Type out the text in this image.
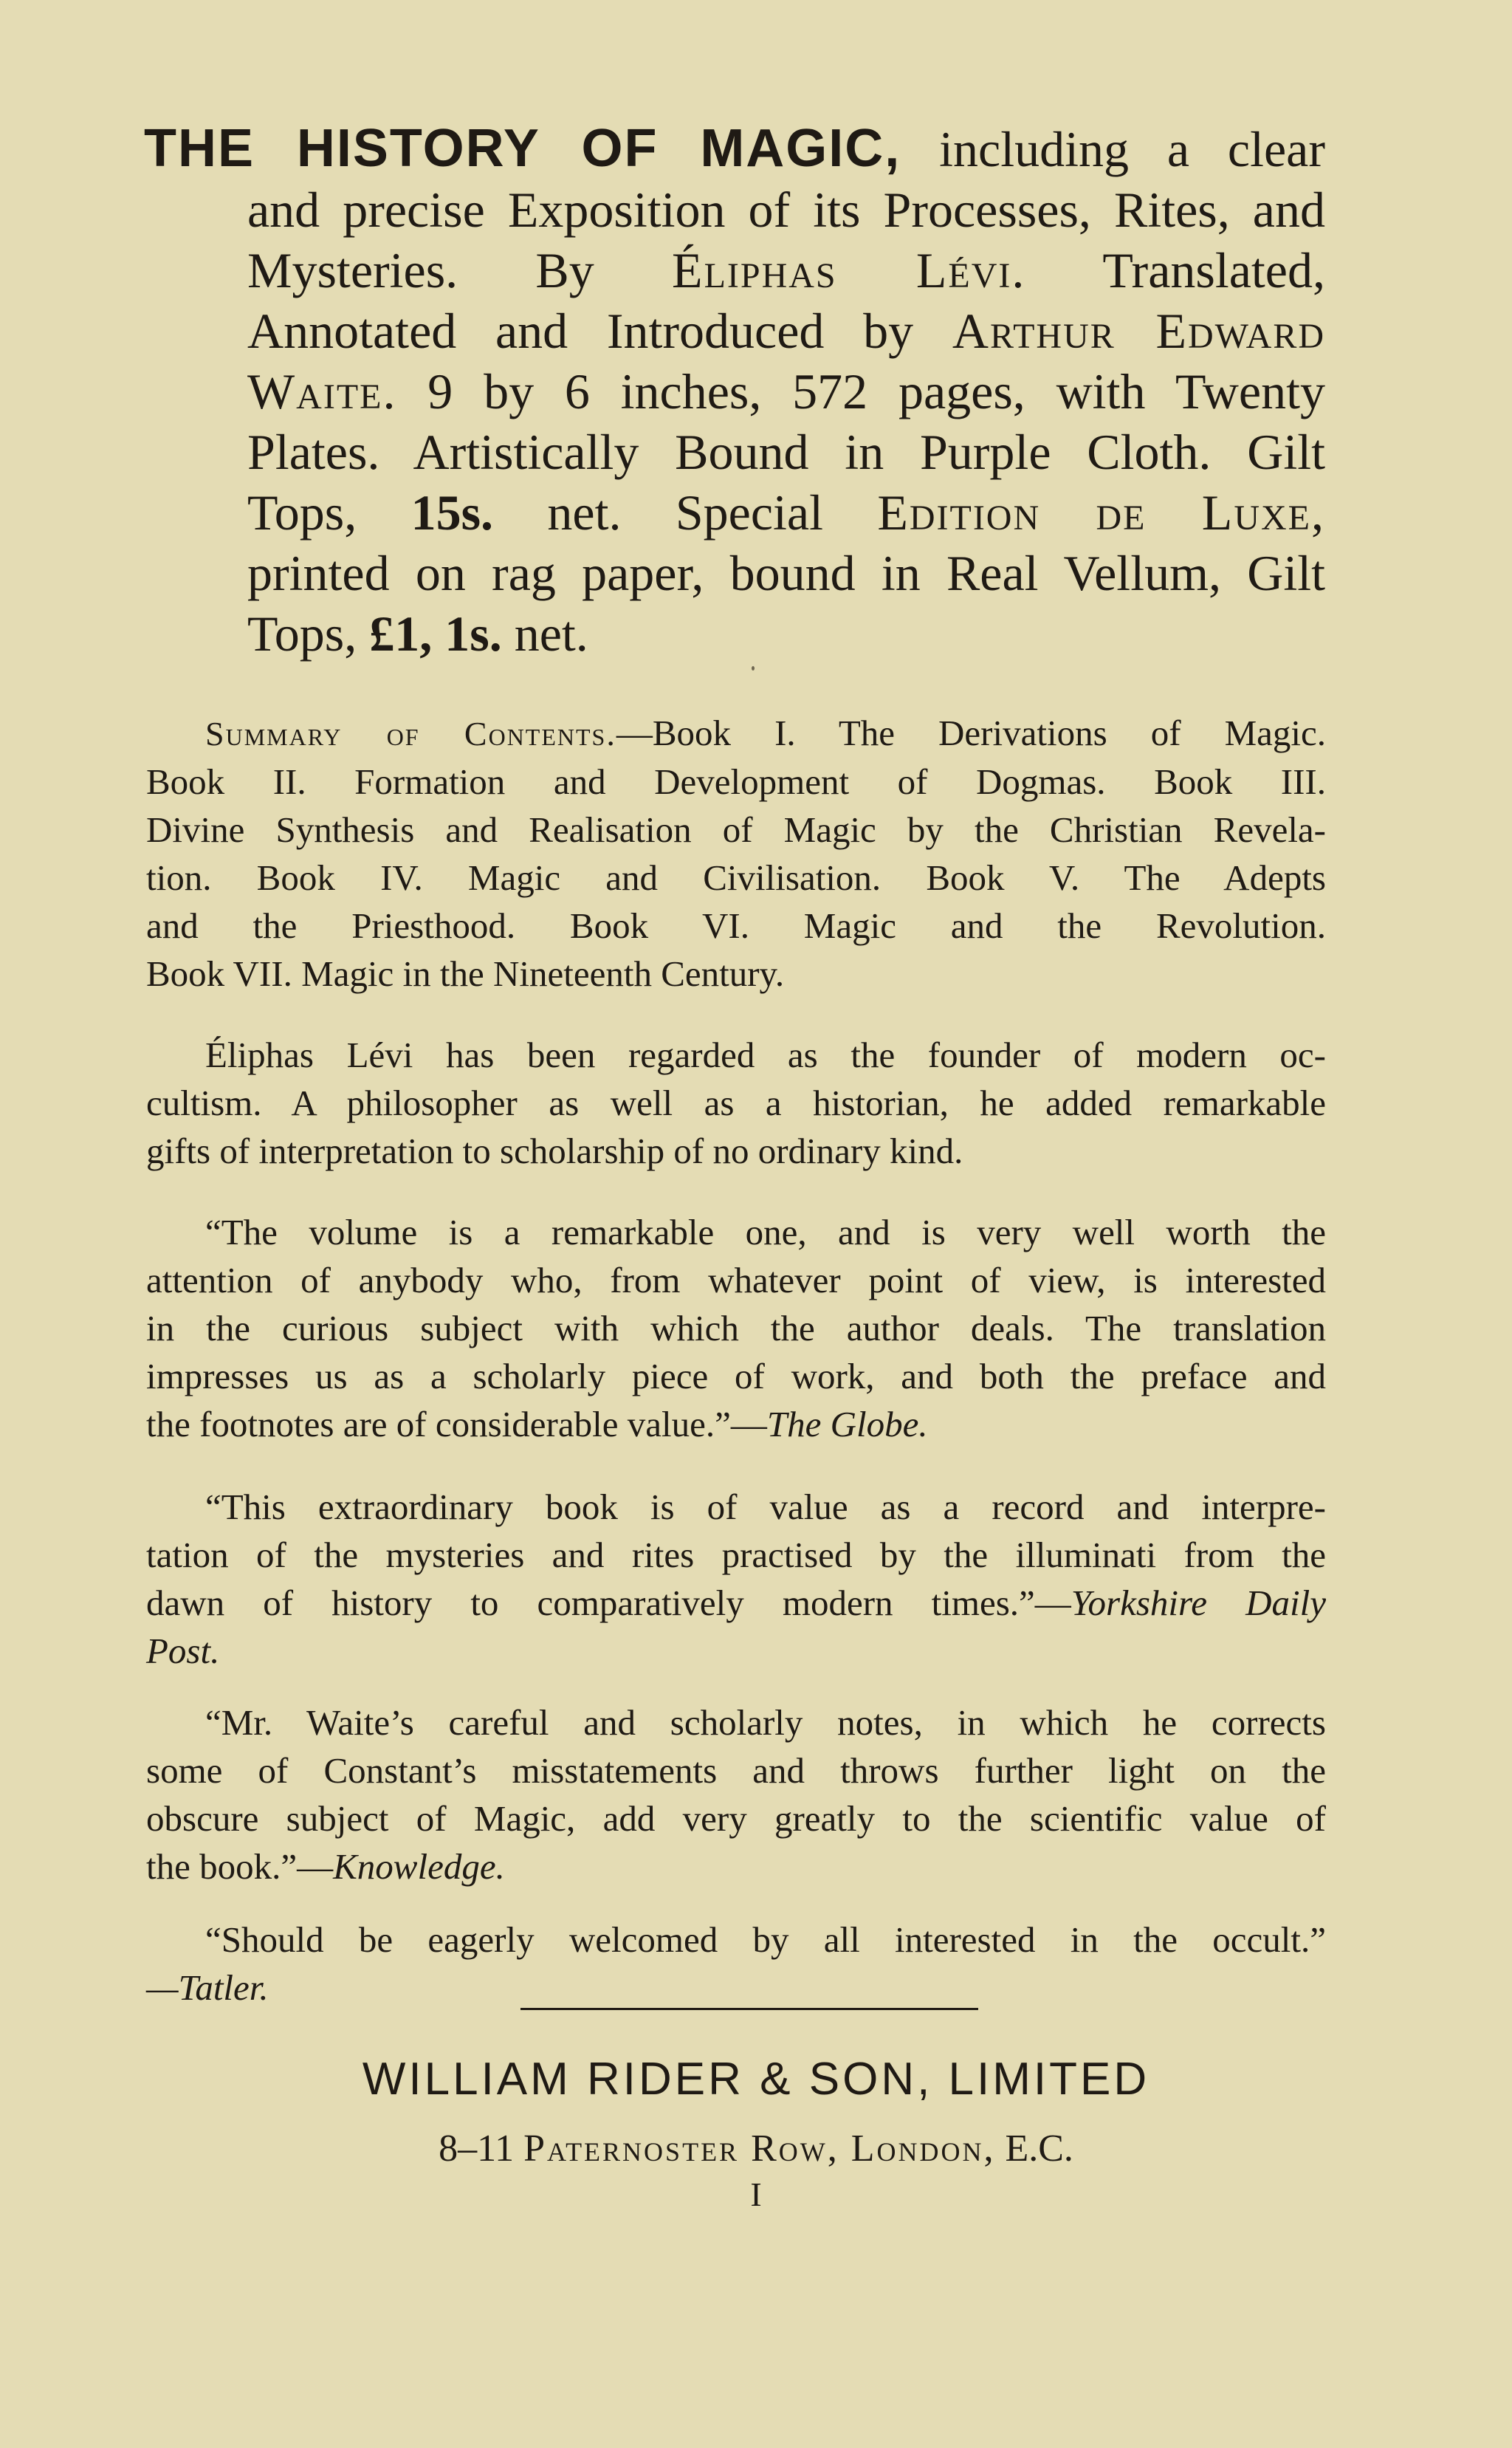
THE HISTORY OF MAGIC, including a clear
and precise Exposition of its Processes, Rites, and
Mysteries. By Éliphas Lévi. Translated,
Annotated and Introduced by Arthur Edward
Waite. 9 by 6 inches, 572 pages, with Twenty
Plates. Artistically Bound in Purple Cloth. Gilt
Tops, 15s. net. Special Edition de Luxe,
printed on rag paper, bound in Real Vellum, Gilt
Tops, £1, 1s. net.
Summary of Contents.—Book I. The Derivations of Magic.
Book II. Formation and Development of Dogmas. Book III.
Divine Synthesis and Realisation of Magic by the Christian Revela-
tion. Book IV. Magic and Civilisation. Book V. The Adepts
and the Priesthood. Book VI. Magic and the Revolution.
Book VII. Magic in the Nineteenth Century.
Éliphas Lévi has been regarded as the founder of modern oc-
cultism. A philosopher as well as a historian, he added remarkable
gifts of interpretation to scholarship of no ordinary kind.
“The volume is a remarkable one, and is very well worth the
attention of anybody who, from whatever point of view, is interested
in the curious subject with which the author deals. The translation
impresses us as a scholarly piece of work, and both the preface and
the footnotes are of considerable value.”—The Globe.
“This extraordinary book is of value as a record and interpre-
tation of the mysteries and rites practised by the illuminati from the
dawn of history to comparatively modern times.”—Yorkshire Daily
Post.
“Mr. Waite’s careful and scholarly notes, in which he corrects
some of Constant’s misstatements and throws further light on the
obscure subject of Magic, add very greatly to the scientific value of
the book.”—Knowledge.
“Should be eagerly welcomed by all interested in the occult.”
—Tatler.
WILLIAM RIDER & SON, LIMITED
8–11 Paternoster Row, London, E.C.
I
